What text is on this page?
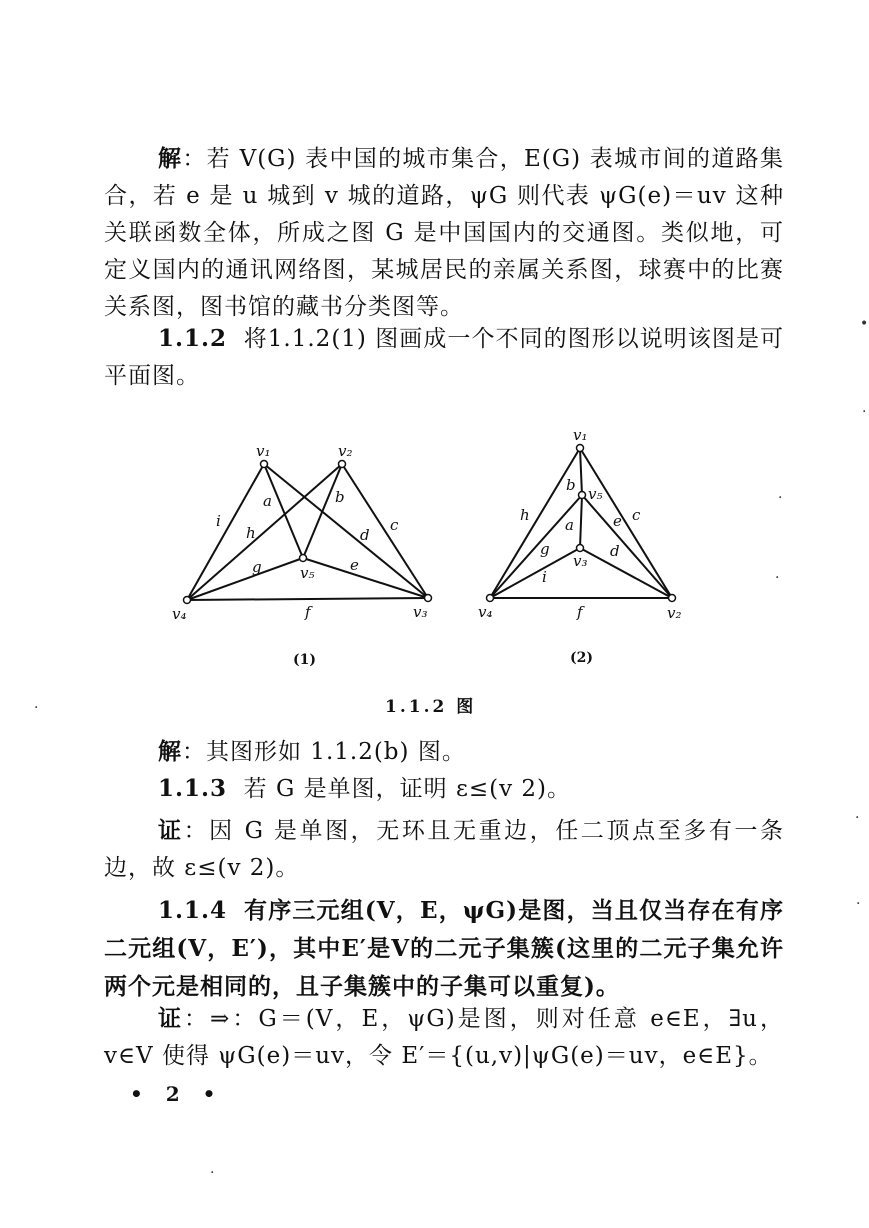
解：若 V(G) 表中国的城市集合，E(G) 表城市间的道路集合，若 e 是 u 城到 v 城的道路，ψG 则代表 ψG(e)＝uv 这种关联函数全体，所成之图 G 是中国国内的交通图。类似地，可定义国内的通讯网络图，某城居民的亲属关系图，球赛中的比赛关系图，图书馆的藏书分类图等。
1.1.2 将1.1.2(1) 图画成一个不同的图形以说明该图是可平面图。
v₁	v₂
v₃
v₄
v₅
a	b
c
d
e
f
g
h
i
v₁
v₅
v₃
v₄	v₂
a
b
c
d
e
f
g
h
i
(1)	(2)
1.1.2 图
解：其图形如 1.1.2(b) 图。
1.1.3 若 G 是单图，证明 ε≤(v 2)。
证：因 G 是单图，无环且无重边，任二顶点至多有一条边，故 ε≤(v 2)。
1.1.4 有序三元组(V，E，ψG)是图，当且仅当存在有序二元组(V，E′)，其中E′是V的二元子集簇(这里的二元子集允许两个元是相同的，且子集簇中的子集可以重复)。
证：⇒：G＝(V，E，ψG)是图，则对任意 e∈E，∃u，v∈V 使得 ψG(e)＝uv，令 E′＝{(u,v)|ψG(e)＝uv，e∈E}。
• 2 •
•
·
·
·
·
·
·
·
